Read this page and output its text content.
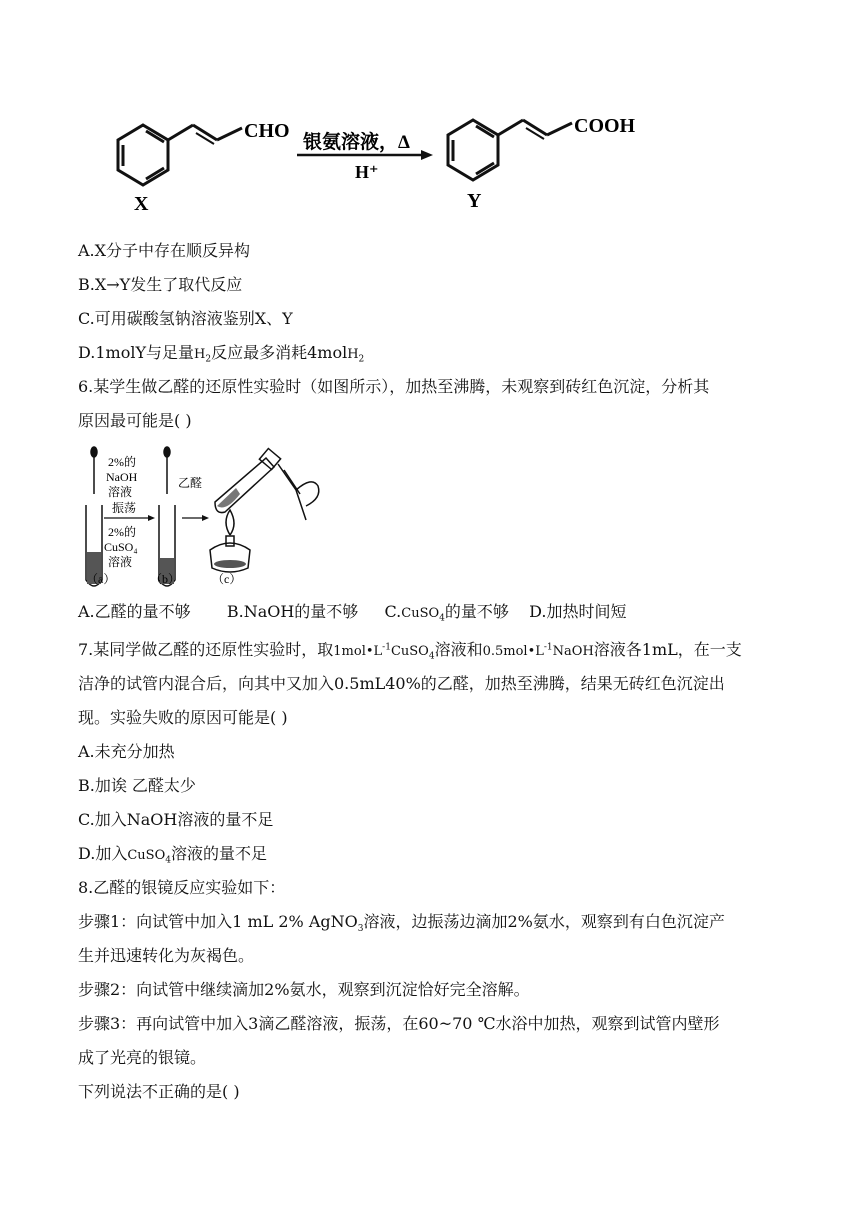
CHO
X
银氨溶液，Δ
H⁺
COOH
Y
A.X分子中存在顺反异构
B.X→Y发生了取代反应
C.可用碳酸氢钠溶液鉴别X、Y
D.1molY与足量$H_2$反应最多消耗4molH$_2$
6.某学生做乙醛的还原性实验时（如图所示），加热至沸腾，未观察到砖红色沉淀，分析其
原因最可能是( )
2%的
NaOH
溶液
振荡
2%的
CuSO₄
溶液
乙醛
（a）	（b）	（c）
A.乙醛的量不够 B.NaOH的量不够 C.CuSO$_4$的量不够 D.加热时间短
7.某同学做乙醛的还原性实验时，取$1mol•L^{-1}CuSO_4$溶液和$0.5mol•L^{-1}NaOH$溶液各1mL，在一支
洁净的试管内混合后，向其中又加入0.5mL40%的乙醛，加热至沸腾，结果无砖红色沉淀出
现。实验失败的原因可能是( )
A.未充分加热
B.加诶 乙醛太少
C.加入NaOH溶液的量不足
D.加入CuSO$_4$溶液的量不足
8.乙醛的银镜反应实验如下：
步骤1：向试管中加入1 mL 2% AgNO$_3$溶液，边振荡边滴加2%氨水，观察到有白色沉淀产
生并迅速转化为灰褐色。
步骤2：向试管中继续滴加2%氨水，观察到沉淀恰好完全溶解。
步骤3：再向试管中加入3滴乙醛溶液，振荡，在60~70 ℃水浴中加热，观察到试管内壁形
成了光亮的银镜。
下列说法不正确的是( )
